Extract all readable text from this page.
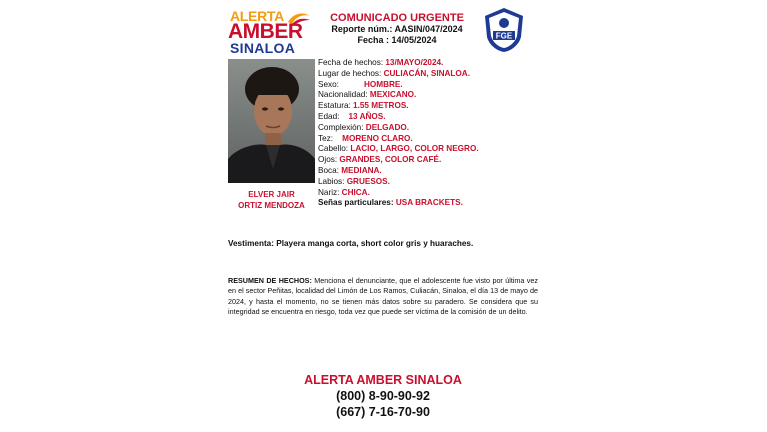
ALERTA
AMBER
SINALOA
COMUNICADO URGENTE
Reporte núm.: AASIN/047/2024
Fecha : 14/05/2024	FGE
ELVER JAIR
ORTIZ MENDOZA
Fecha de hechos: 13/MAYO/2024.
Lugar de hechos: CULIACÁN, SINALOA.
Sexo:           HOMBRE.
Nacionalidad: MEXICANO.
Estatura: 1.55 METROS.
Edad:    13 AÑOS.
Complexión: DELGADO.
Tez:    MORENO CLARO.
Cabello: LACIO, LARGO, COLOR NEGRO.
Ojos: GRANDES, COLOR CAFÉ.
Boca: MEDIANA.
Labios: GRUESOS.
Nariz: CHICA.
Señas particulares: USA BRACKETS.
Vestimenta: Playera manga corta, short color gris y huaraches.
RESUMEN DE HECHOS: Menciona el denunciante, que el adolescente fue visto por última vez en el sector Peñitas, localidad del Limón de Los Ramos, Culiacán, Sinaloa, el día 13 de mayo de 2024, y hasta el momento, no se tienen más datos sobre su paradero. Se considera que su integridad se encuentra en riesgo, toda vez que puede ser víctima de la comisión de un delito.
ALERTA AMBER SINALOA
(800) 8-90-90-92
(667) 7-16-70-90
